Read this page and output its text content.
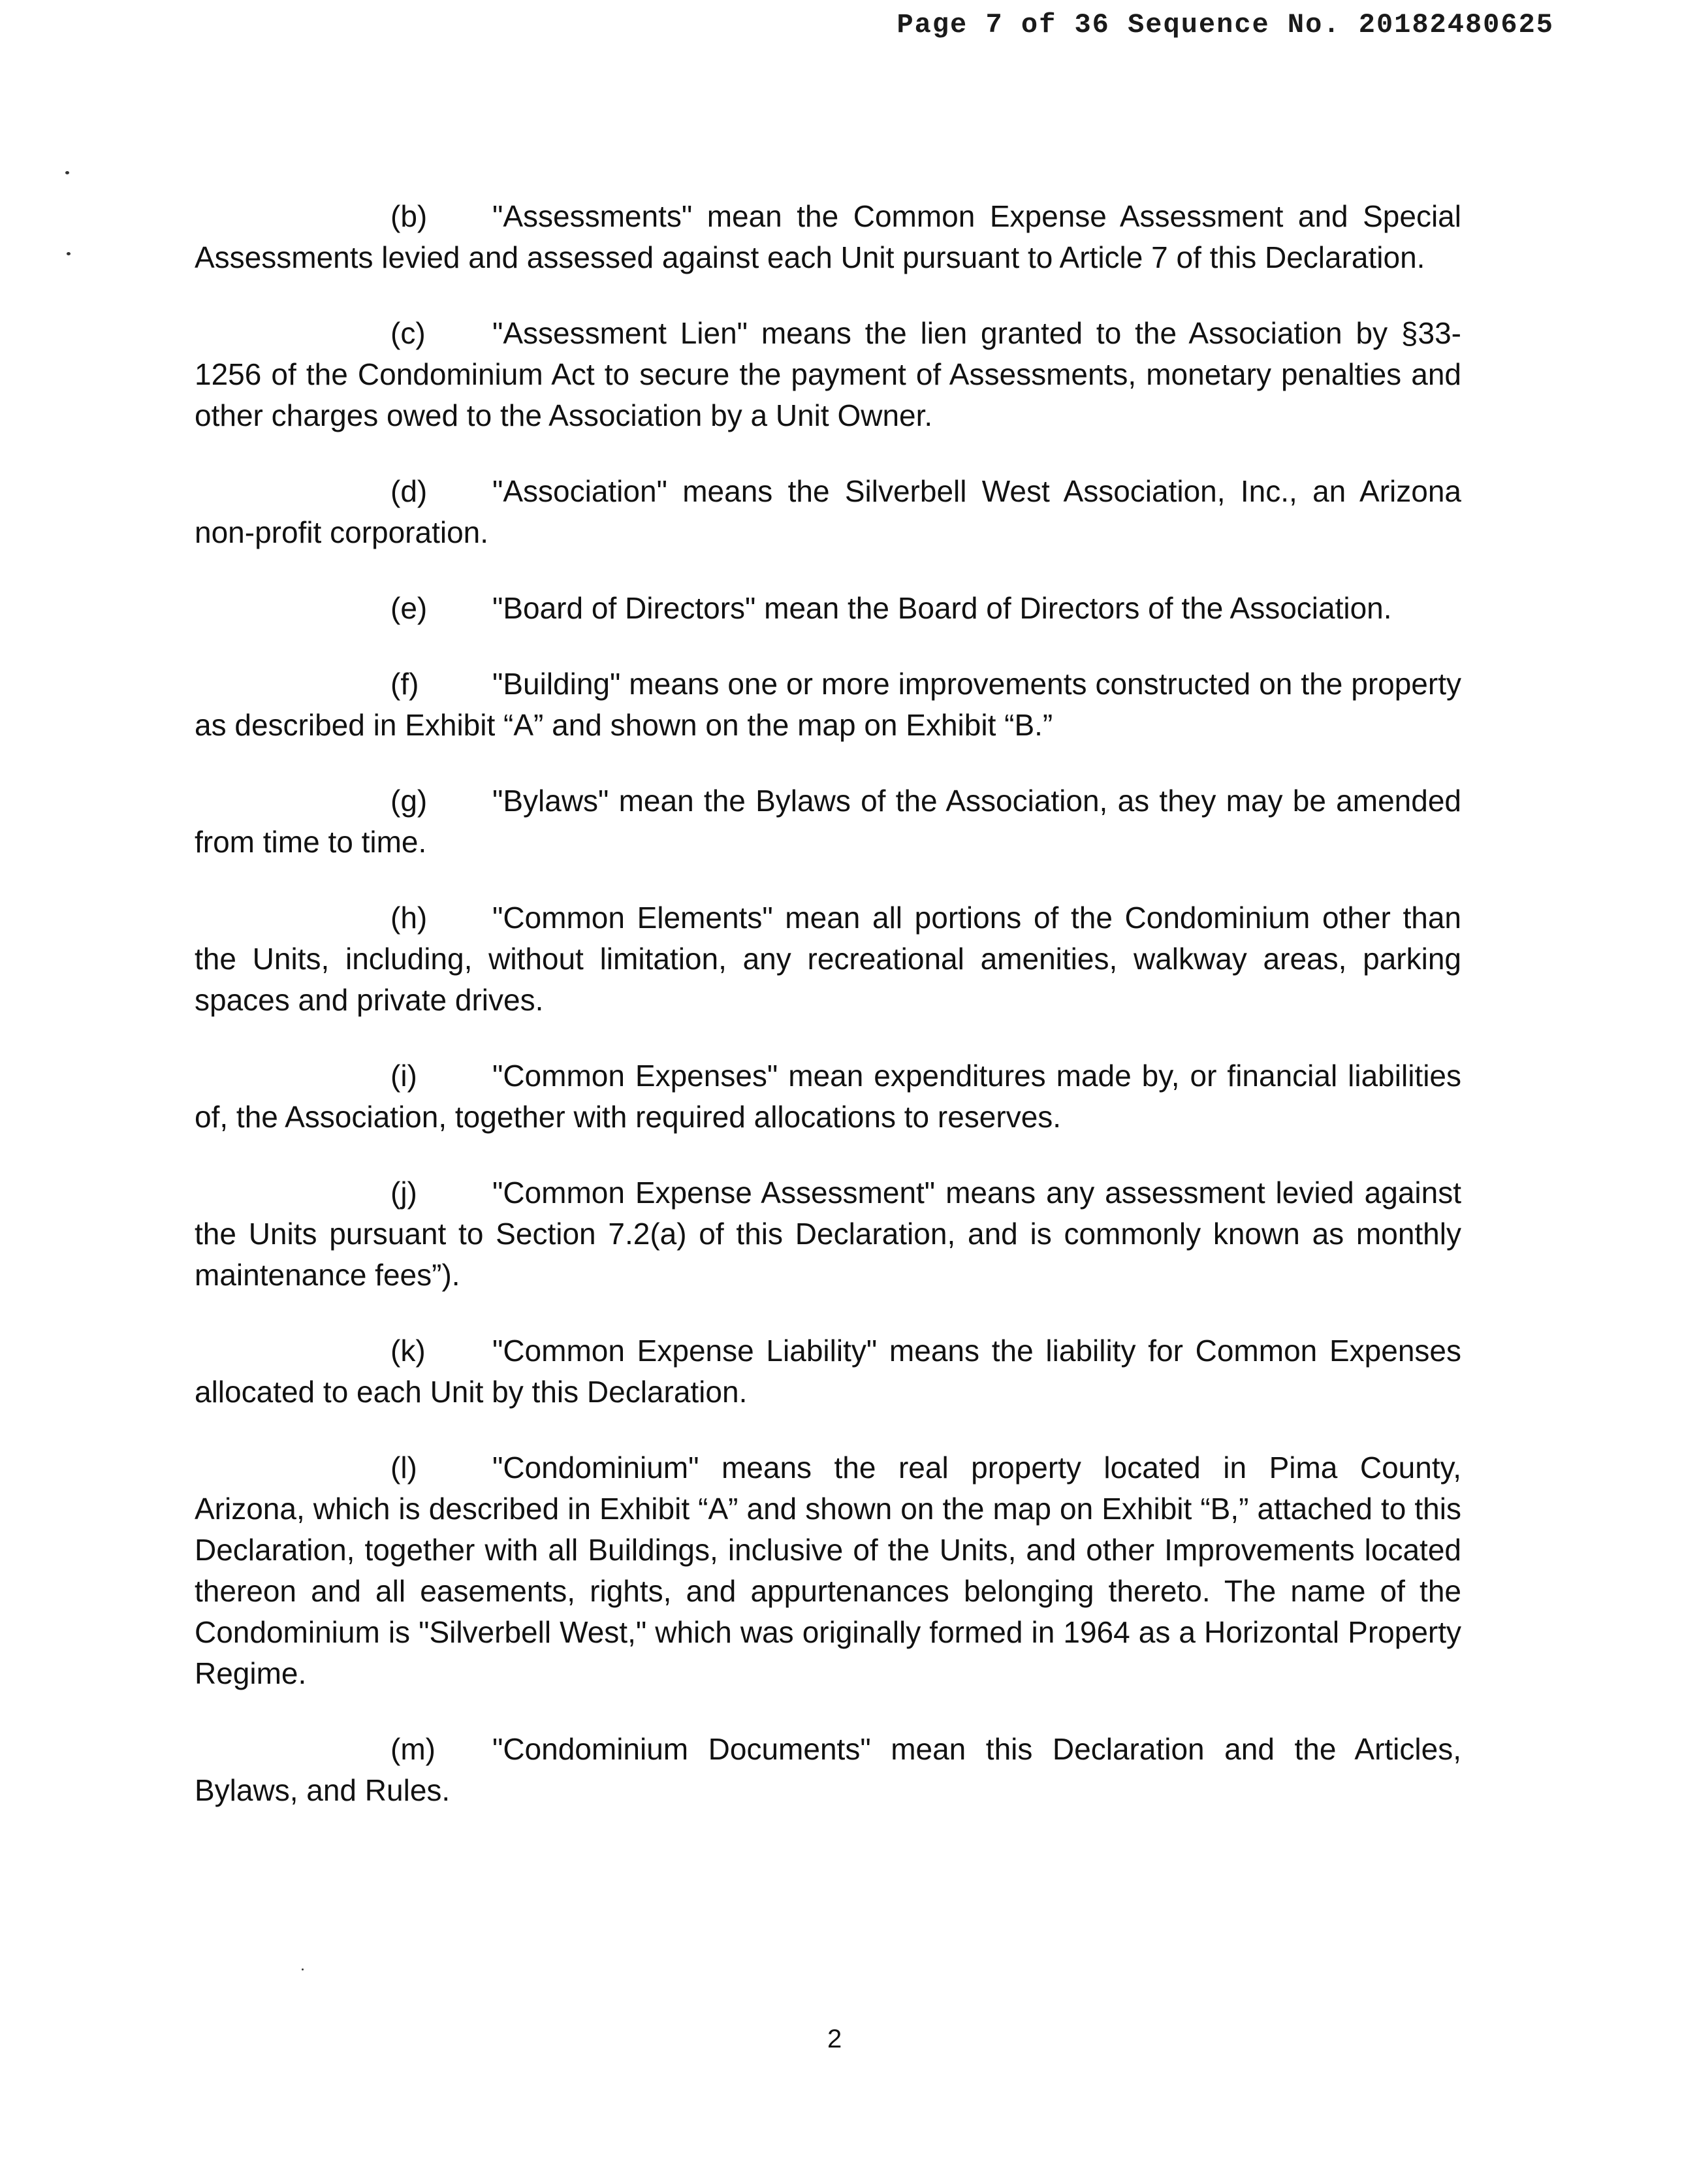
Page 7 of 36 Sequence No. 20182480625
(b) "Assessments" mean the Common Expense Assessment and Special Assessments levied and assessed against each Unit pursuant to Article 7 of this Declaration.
(c) "Assessment Lien" means the lien granted to the Association by §33-1256 of the Condominium Act to secure the payment of Assessments, monetary penalties and other charges owed to the Association by a Unit Owner.
(d) "Association" means the Silverbell West Association, Inc., an Arizona non-profit corporation.
(e) "Board of Directors" mean the Board of Directors of the Association.
(f) "Building" means one or more improvements constructed on the property as described in Exhibit “A” and shown on the map on Exhibit “B.”
(g) "Bylaws" mean the Bylaws of the Association, as they may be amended from time to time.
(h) "Common Elements" mean all portions of the Condominium other than the Units, including, without limitation, any recreational amenities, walkway areas, parking spaces and private drives.
(i)	"Common Expenses" mean expenditures made by, or financial liabilities of, the Association, together with required allocations to reserves.
(j)	"Common Expense Assessment" means any assessment levied against the Units pursuant to Section 7.2(a) of this Declaration, and is commonly known as monthly maintenance fees”).
(k) "Common Expense Liability" means the liability for Common Expenses allocated to each Unit by this Declaration.
(l)	"Condominium" means the real property located in Pima County, Arizona, which is described in Exhibit “A” and shown on the map on Exhibit “B,” attached to this Declaration, together with all Buildings, inclusive of the Units, and other Improvements located thereon and all easements, rights, and appurtenances belonging thereto. The name of the Condominium is "Silverbell West," which was originally formed in 1964 as a Horizontal Property Regime.
(m) "Condominium Documents" mean this Declaration and the Articles, Bylaws, and Rules.
2
